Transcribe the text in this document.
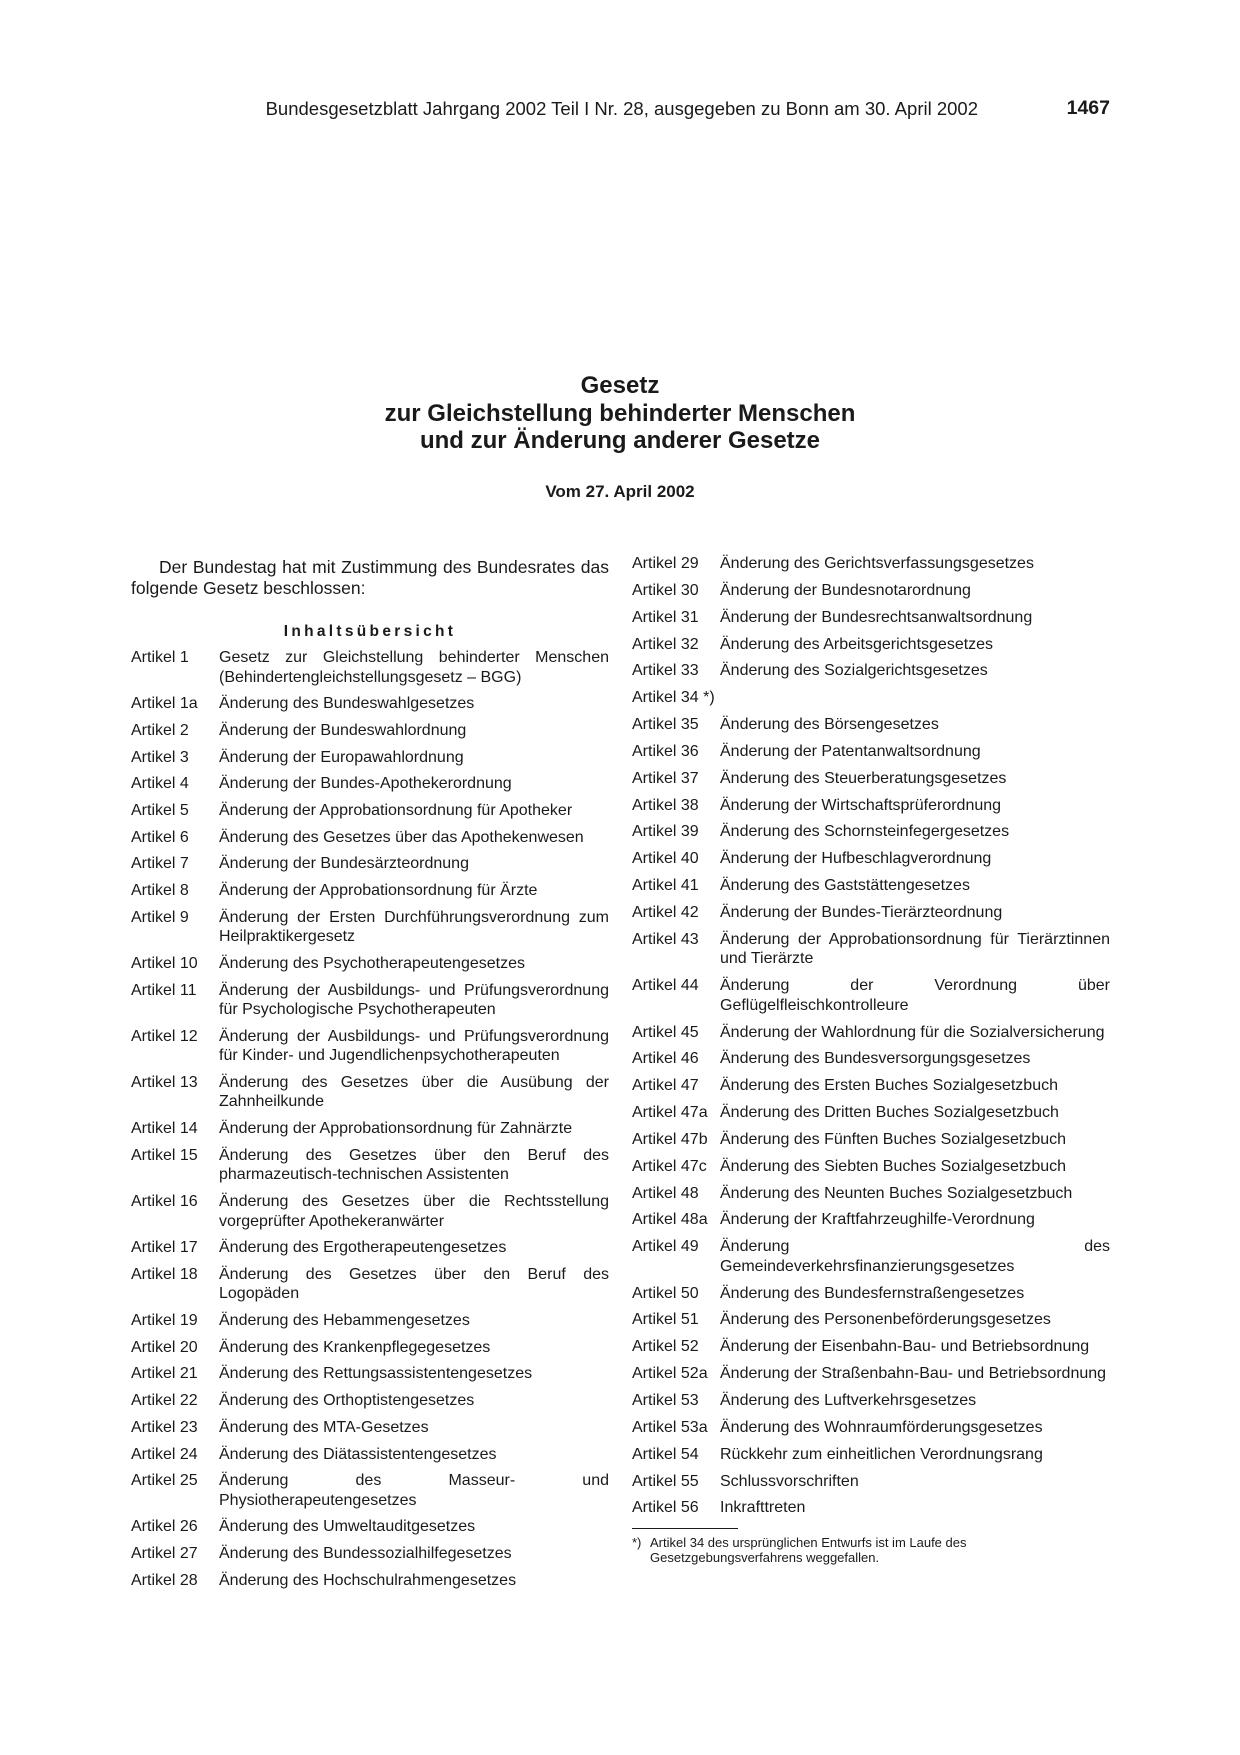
Bundesgesetzblatt Jahrgang 2002 Teil I Nr. 28, ausgegeben zu Bonn am 30. April 2002	1467
Gesetz
zur Gleichstellung behinderter Menschen
und zur Änderung anderer Gesetze
Vom 27. April 2002

Der Bundestag hat mit Zustimmung des Bundesrates das folgende Gesetz beschlossen:

Inhaltsübersicht
Artikel 1	Gesetz zur Gleichstellung behinderter Menschen (Behindertengleichstellungsgesetz – BGG)
Artikel 1a	Änderung des Bundeswahlgesetzes
Artikel 2	Änderung der Bundeswahlordnung
Artikel 3	Änderung der Europawahlordnung
Artikel 4	Änderung der Bundes-Apothekerordnung
Artikel 5	Änderung der Approbationsordnung für Apotheker
Artikel 6	Änderung des Gesetzes über das Apothekenwesen
Artikel 7	Änderung der Bundesärzteordnung
Artikel 8	Änderung der Approbationsordnung für Ärzte
Artikel 9	Änderung der Ersten Durchführungsverordnung zum Heilpraktikergesetz
Artikel 10	Änderung des Psychotherapeutengesetzes
Artikel 11	Änderung der Ausbildungs- und Prüfungsverordnung für Psychologische Psychotherapeuten
Artikel 12	Änderung der Ausbildungs- und Prüfungsverordnung für Kinder- und Jugendlichenpsychotherapeuten
Artikel 13	Änderung des Gesetzes über die Ausübung der Zahnheilkunde
Artikel 14	Änderung der Approbationsordnung für Zahnärzte
Artikel 15	Änderung des Gesetzes über den Beruf des pharmazeutisch-technischen Assistenten
Artikel 16	Änderung des Gesetzes über die Rechtsstellung vorgeprüfter Apothekeranwärter
Artikel 17	Änderung des Ergotherapeutengesetzes
Artikel 18	Änderung des Gesetzes über den Beruf des Logopäden
Artikel 19	Änderung des Hebammengesetzes
Artikel 20	Änderung des Krankenpflegegesetzes
Artikel 21	Änderung des Rettungsassistentengesetzes
Artikel 22	Änderung des Orthoptistengesetzes
Artikel 23	Änderung des MTA-Gesetzes
Artikel 24	Änderung des Diätassistentengesetzes
Artikel 25	Änderung des Masseur- und Physiotherapeutengesetzes
Artikel 26	Änderung des Umweltauditgesetzes
Artikel 27	Änderung des Bundessozialhilfegesetzes
Artikel 28	Änderung des Hochschulrahmengesetzes
Artikel 29	Änderung des Gerichtsverfassungsgesetzes
Artikel 30	Änderung der Bundesnotarordnung
Artikel 31	Änderung der Bundesrechtsanwaltsordnung
Artikel 32	Änderung des Arbeitsgerichtsgesetzes
Artikel 33	Änderung des Sozialgerichtsgesetzes
Artikel 34 *)
Artikel 35	Änderung des Börsengesetzes
Artikel 36	Änderung der Patentanwaltsordnung
Artikel 37	Änderung des Steuerberatungsgesetzes
Artikel 38	Änderung der Wirtschaftsprüferordnung
Artikel 39	Änderung des Schornsteinfegergesetzes
Artikel 40	Änderung der Hufbeschlagverordnung
Artikel 41	Änderung des Gaststättengesetzes
Artikel 42	Änderung der Bundes-Tierärzteordnung
Artikel 43	Änderung der Approbationsordnung für Tierärztinnen und Tierärzte
Artikel 44	Änderung der Verordnung über Geflügelfleischkontrolleure
Artikel 45	Änderung der Wahlordnung für die Sozialversicherung
Artikel 46	Änderung des Bundesversorgungsgesetzes
Artikel 47	Änderung des Ersten Buches Sozialgesetzbuch
Artikel 47a Änderung des Dritten Buches Sozialgesetzbuch
Artikel 47b Änderung des Fünften Buches Sozialgesetzbuch
Artikel 47c Änderung des Siebten Buches Sozialgesetzbuch
Artikel 48	Änderung des Neunten Buches Sozialgesetzbuch
Artikel 48a Änderung der Kraftfahrzeughilfe-Verordnung
Artikel 49	Änderung des Gemeindeverkehrsfinanzierungsgesetzes
Artikel 50	Änderung des Bundesfernstraßengesetzes
Artikel 51	Änderung des Personenbeförderungsgesetzes
Artikel 52	Änderung der Eisenbahn-Bau- und Betriebsordnung
Artikel 52a Änderung der Straßenbahn-Bau- und Betriebsordnung
Artikel 53	Änderung des Luftverkehrsgesetzes
Artikel 53a Änderung des Wohnraumförderungsgesetzes
Artikel 54	Rückkehr zum einheitlichen Verordnungsrang
Artikel 55	Schlussvorschriften
Artikel 56	Inkrafttreten
*) Artikel 34 des ursprünglichen Entwurfs ist im Laufe des Gesetzgebungsverfahrens weggefallen.
